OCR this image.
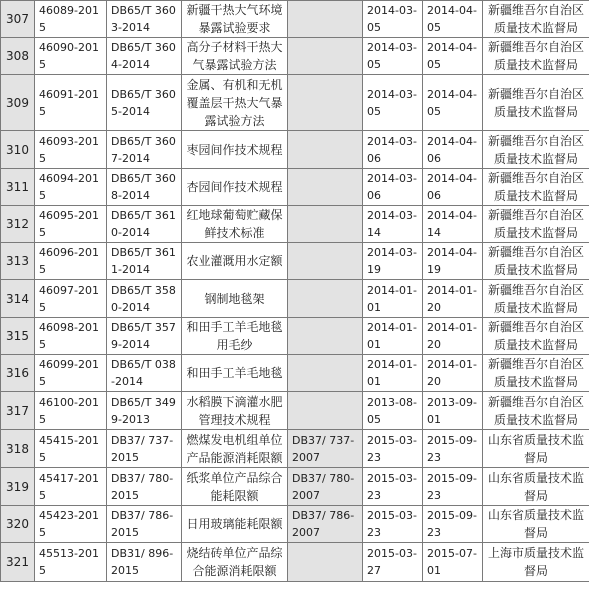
307	46089-2015	DB65/T 3603-2014	新疆干热大气环境暴露试验要求		2014-03-05	2014-04-05	新疆维吾尔自治区质量技术监督局
308	46090-2015	DB65/T 3604-2014	高分子材料干热大气暴露试验方法		2014-03-05	2014-04-05	新疆维吾尔自治区质量技术监督局
309	46091-2015	DB65/T 3605-2014	金属、有机和无机覆盖层干热大气暴露试验方法		2014-03-05	2014-04-05	新疆维吾尔自治区质量技术监督局
310	46093-2015	DB65/T 3607-2014	枣园间作技术规程		2014-03-06	2014-04-06	新疆维吾尔自治区质量技术监督局
311	46094-2015	DB65/T 3608-2014	杏园间作技术规程		2014-03-06	2014-04-06	新疆维吾尔自治区质量技术监督局
312	46095-2015	DB65/T 3610-2014	红地球葡萄贮藏保鲜技术标准		2014-03-14	2014-04-14	新疆维吾尔自治区质量技术监督局
313	46096-2015	DB65/T 3611-2014	农业灌溉用水定额		2014-03-19	2014-04-19	新疆维吾尔自治区质量技术监督局
314	46097-2015	DB65/T 3580-2014	钢制地毯架		2014-01-01	2014-01-20	新疆维吾尔自治区质量技术监督局
315	46098-2015	DB65/T 3579-2014	和田手工羊毛地毯用毛纱		2014-01-01	2014-01-20	新疆维吾尔自治区质量技术监督局
316	46099-2015	DB65/T 038-2014	和田手工羊毛地毯		2014-01-01	2014-01-20	新疆维吾尔自治区质量技术监督局
317	46100-2015	DB65/T 3499-2013	水稻膜下滴灌水肥管理技术规程		2013-08-05	2013-09-01	新疆维吾尔自治区质量技术监督局
318	45415-2015	DB37/ 737-2015	燃煤发电机组单位产品能源消耗限额	DB37/ 737-2007	2015-03-23	2015-09-23	山东省质量技术监督局
319	45417-2015	DB37/ 780-2015	纸浆单位产品综合能耗限额	DB37/ 780-2007	2015-03-23	2015-09-23	山东省质量技术监督局
320	45423-2015	DB37/ 786-2015	日用玻璃能耗限额	DB37/ 786-2007	2015-03-23	2015-09-23	山东省质量技术监督局
321	45513-2015	DB31/ 896-2015	烧结砖单位产品综合能源消耗限额		2015-03-27	2015-07-01	上海市质量技术监督局
